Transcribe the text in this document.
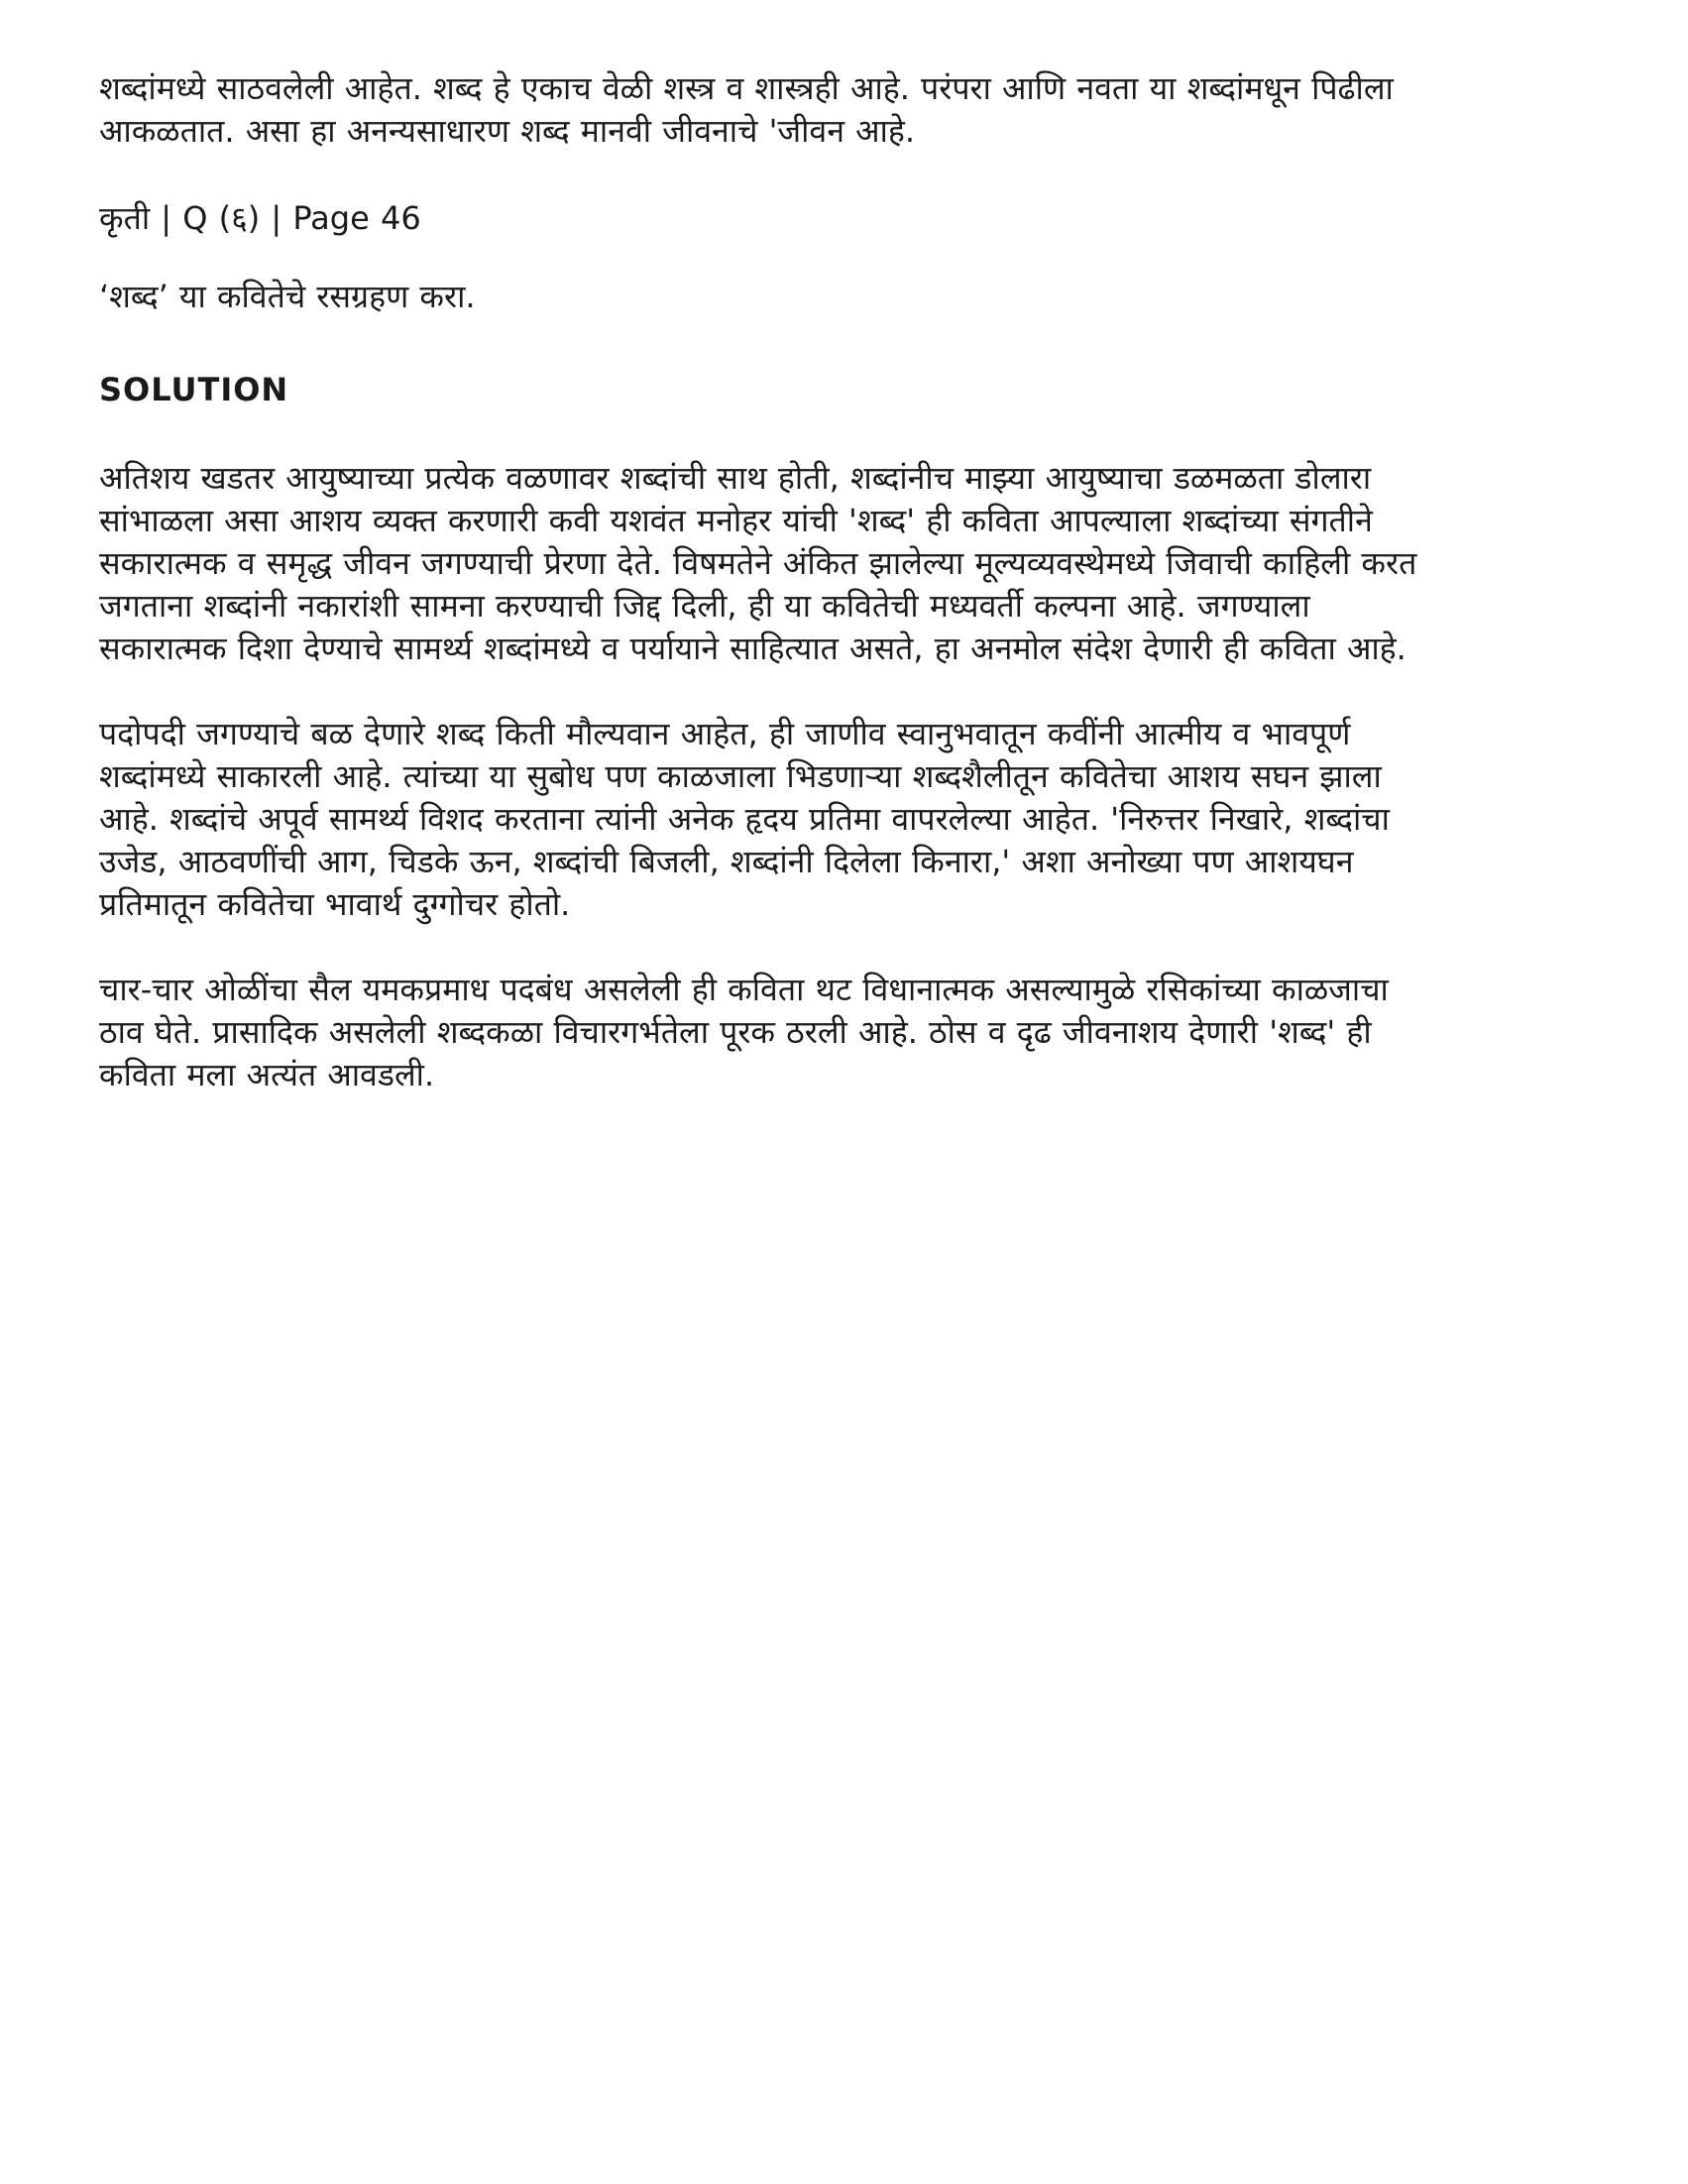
शब्दांमध्ये साठवलेली आहेत. शब्द हे एकाच वेळी शस्त्र व शास्त्रही आहे. परंपरा आणि नवता या शब्दांमधून पिढीला
आकळतात. असा हा अनन्यसाधारण शब्द मानवी जीवनाचे 'जीवन आहे.

कृती | Q (६) | Page 46

‘शब्द’ या कवितेचे रसग्रहण करा.

SOLUTION

अतिशय खडतर आयुष्याच्या प्रत्येक वळणावर शब्दांची साथ होती, शब्दांनीच माझ्या आयुष्याचा डळमळता डोलारा
सांभाळला असा आशय व्यक्त करणारी कवी यशवंत मनोहर यांची 'शब्द' ही कविता आपल्याला शब्दांच्या संगतीने
सकारात्मक व समृद्ध जीवन जगण्याची प्रेरणा देते. विषमतेने अंकित झालेल्या मूल्यव्यवस्थेमध्ये जिवाची काहिली करत
जगताना शब्दांनी नकारांशी सामना करण्याची जिद्द दिली, ही या कवितेची मध्यवर्ती कल्पना आहे. जगण्याला
सकारात्मक दिशा देण्याचे सामर्थ्य शब्दांमध्ये व पर्यायाने साहित्यात असते, हा अनमोल संदेश देणारी ही कविता आहे.

पदोपदी जगण्याचे बळ देणारे शब्द किती मौल्यवान आहेत, ही जाणीव स्वानुभवातून कवींनी आत्मीय व भावपूर्ण
शब्दांमध्ये साकारली आहे. त्यांच्या या सुबोध पण काळजाला भिडणाऱ्या शब्दशैलीतून कवितेचा आशय सघन झाला
आहे. शब्दांचे अपूर्व सामर्थ्य विशद करताना त्यांनी अनेक हृदय प्रतिमा वापरलेल्या आहेत. 'निरुत्तर निखारे, शब्दांचा
उजेड, आठवणींची आग, चिडके ऊन, शब्दांची बिजली, शब्दांनी दिलेला किनारा,' अशा अनोख्या पण आशयघन
प्रतिमातून कवितेचा भावार्थ दुग्गोचर होतो.

चार-चार ओळींचा सैल यमकप्रमाध पदबंध असलेली ही कविता थट विधानात्मक असल्यामुळे रसिकांच्या काळजाचा
ठाव घेते. प्रासादिक असलेली शब्दकळा विचारगर्भतेला पूरक ठरली आहे. ठोस व दृढ जीवनाशय देणारी 'शब्द' ही
कविता मला अत्यंत आवडली.
